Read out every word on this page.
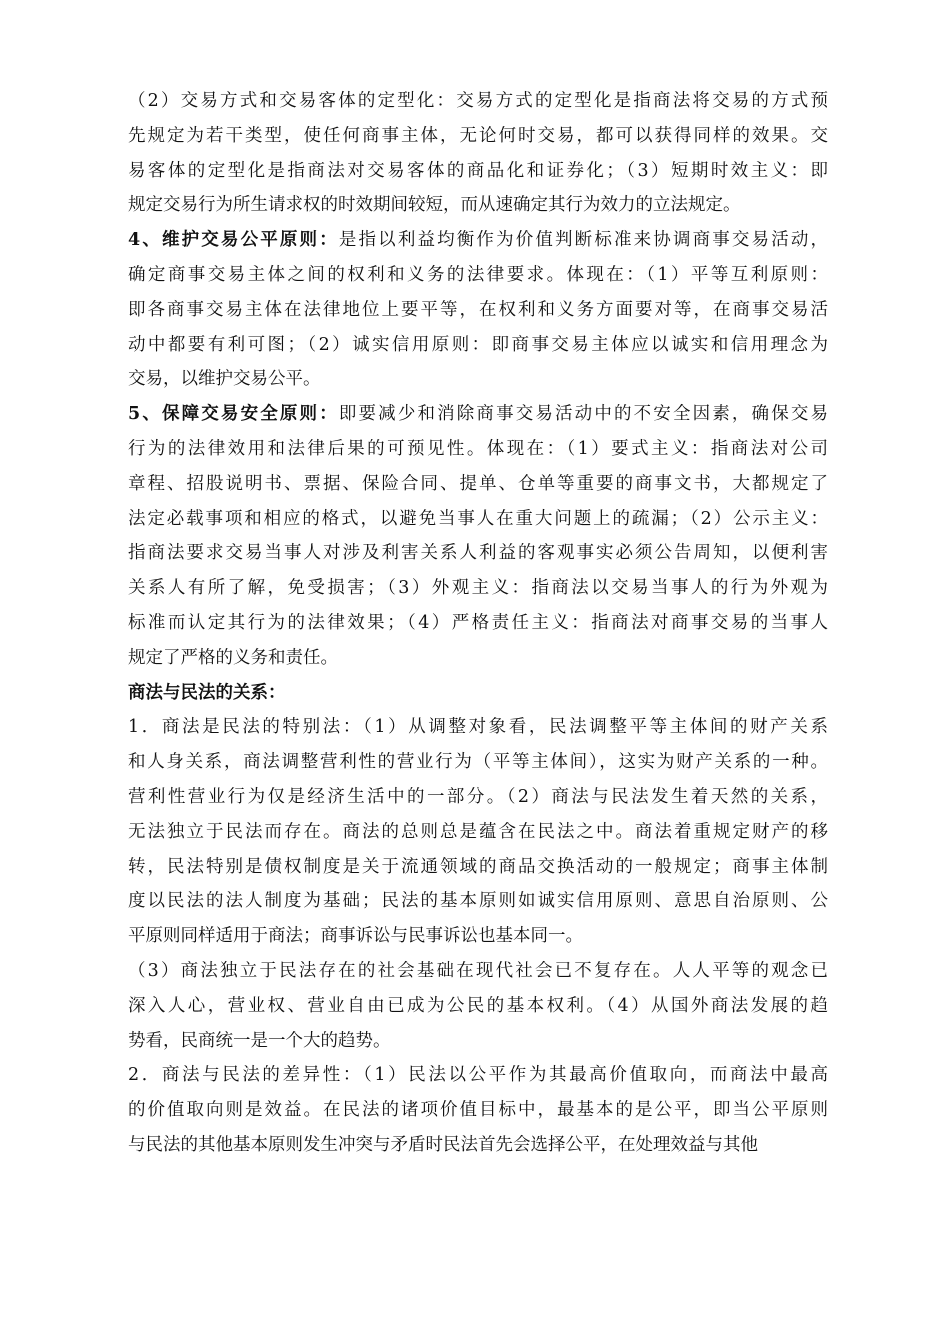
（2）交易方式和交易客体的定型化：交易方式的定型化是指商法将交易的方式预
先规定为若干类型，使任何商事主体，无论何时交易，都可以获得同样的效果。交
易客体的定型化是指商法对交易客体的商品化和证券化；（3）短期时效主义：即
规定交易行为所生请求权的时效期间较短，而从速确定其行为效力的立法规定。

4、维护交易公平原则：是指以利益均衡作为价值判断标准来协调商事交易活动，
确定商事交易主体之间的权利和义务的法律要求。体现在：（1）平等互利原则：
即各商事交易主体在法律地位上要平等，在权利和义务方面要对等，在商事交易活
动中都要有利可图；（2）诚实信用原则：即商事交易主体应以诚实和信用理念为
交易，以维护交易公平。

5、保障交易安全原则：即要减少和消除商事交易活动中的不安全因素，确保交易
行为的法律效用和法律后果的可预见性。体现在：（1）要式主义：指商法对公司
章程、招股说明书、票据、保险合同、提单、仓单等重要的商事文书，大都规定了
法定必载事项和相应的格式，以避免当事人在重大问题上的疏漏；（2）公示主义：
指商法要求交易当事人对涉及利害关系人利益的客观事实必须公告周知，以便利害
关系人有所了解，免受损害；（3）外观主义：指商法以交易当事人的行为外观为
标准而认定其行为的法律效果；（4）严格责任主义：指商法对商事交易的当事人
规定了严格的义务和责任。

商法与民法的关系：

1．商法是民法的特别法：（1）从调整对象看，民法调整平等主体间的财产关系
和人身关系，商法调整营利性的营业行为（平等主体间），这实为财产关系的一种。
营利性营业行为仅是经济生活中的一部分。（2）商法与民法发生着天然的关系，
无法独立于民法而存在。商法的总则总是蕴含在民法之中。商法着重规定财产的移
转，民法特别是债权制度是关于流通领域的商品交换活动的一般规定；商事主体制
度以民法的法人制度为基础；民法的基本原则如诚实信用原则、意思自治原则、公
平原则同样适用于商法；商事诉讼与民事诉讼也基本同一。

（3）商法独立于民法存在的社会基础在现代社会已不复存在。人人平等的观念已
深入人心，营业权、营业自由已成为公民的基本权利。（4）从国外商法发展的趋
势看，民商统一是一个大的趋势。

2．商法与民法的差异性：（1）民法以公平作为其最高价值取向，而商法中最高
的价值取向则是效益。在民法的诸项价值目标中，最基本的是公平，即当公平原则
与民法的其他基本原则发生冲突与矛盾时民法首先会选择公平，在处理效益与其他
